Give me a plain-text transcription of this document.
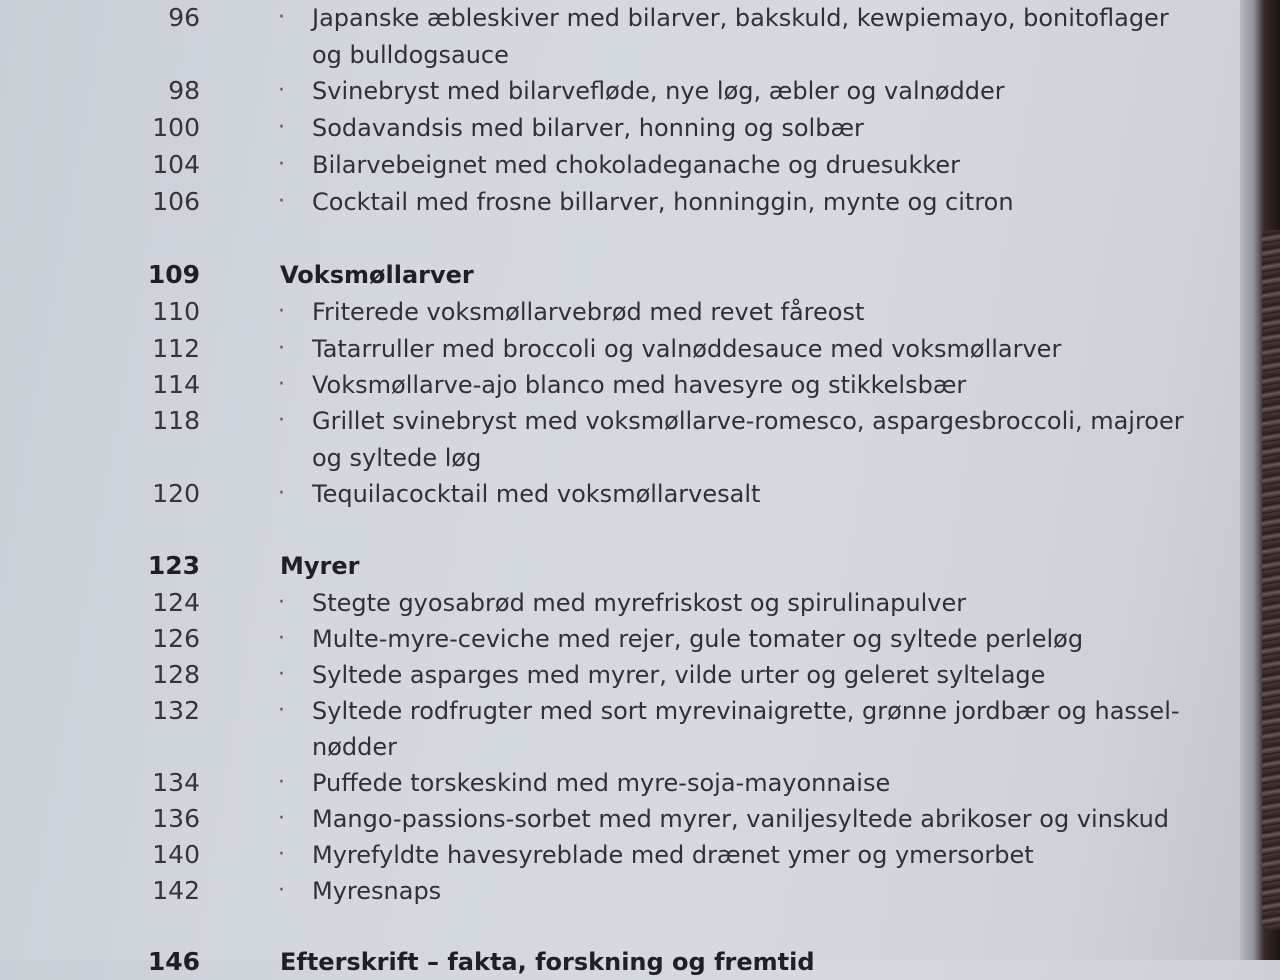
96	· Japanske æbleskiver med bilarver, bakskuld, kewpiemayo, bonitoflager
og bulldogsauce
98	· Svinebryst med bilarvefløde, nye løg, æbler og valnødder
100	· Sodavandsis med bilarver, honning og solbær
104	· Bilarvebeignet med chokoladeganache og druesukker
106	· Cocktail med frosne billarver, honninggin, mynte og citron
109	Voksmøllarver
110	· Friterede voksmøllarvebrød med revet fåreost
112	· Tatarruller med broccoli og valnøddesauce med voksmøllarver
114	· Voksmøllarve-ajo blanco med havesyre og stikkelsbær
118	· Grillet svinebryst med voksmøllarve-romesco, aspargesbroccoli, majroer
og syltede løg
120	· Tequilacocktail med voksmøllarvesalt
123	Myrer
124	· Stegte gyosabrød med myrefriskost og spirulinapulver
126	· Multe-myre-ceviche med rejer, gule tomater og syltede perleløg
128	· Syltede asparges med myrer, vilde urter og geleret syltelage
132	· Syltede rodfrugter med sort myrevinaigrette, grønne jordbær og hassel-
nødder
134	· Puffede torskeskind med myre-soja-mayonnaise
136	· Mango-passions-sorbet med myrer, vaniljesyltede abrikoser og vinskud
140	· Myrefyldte havesyreblade med drænet ymer og ymersorbet
142	· Myresnaps
146	Efterskrift – fakta, forskning og fremtid
